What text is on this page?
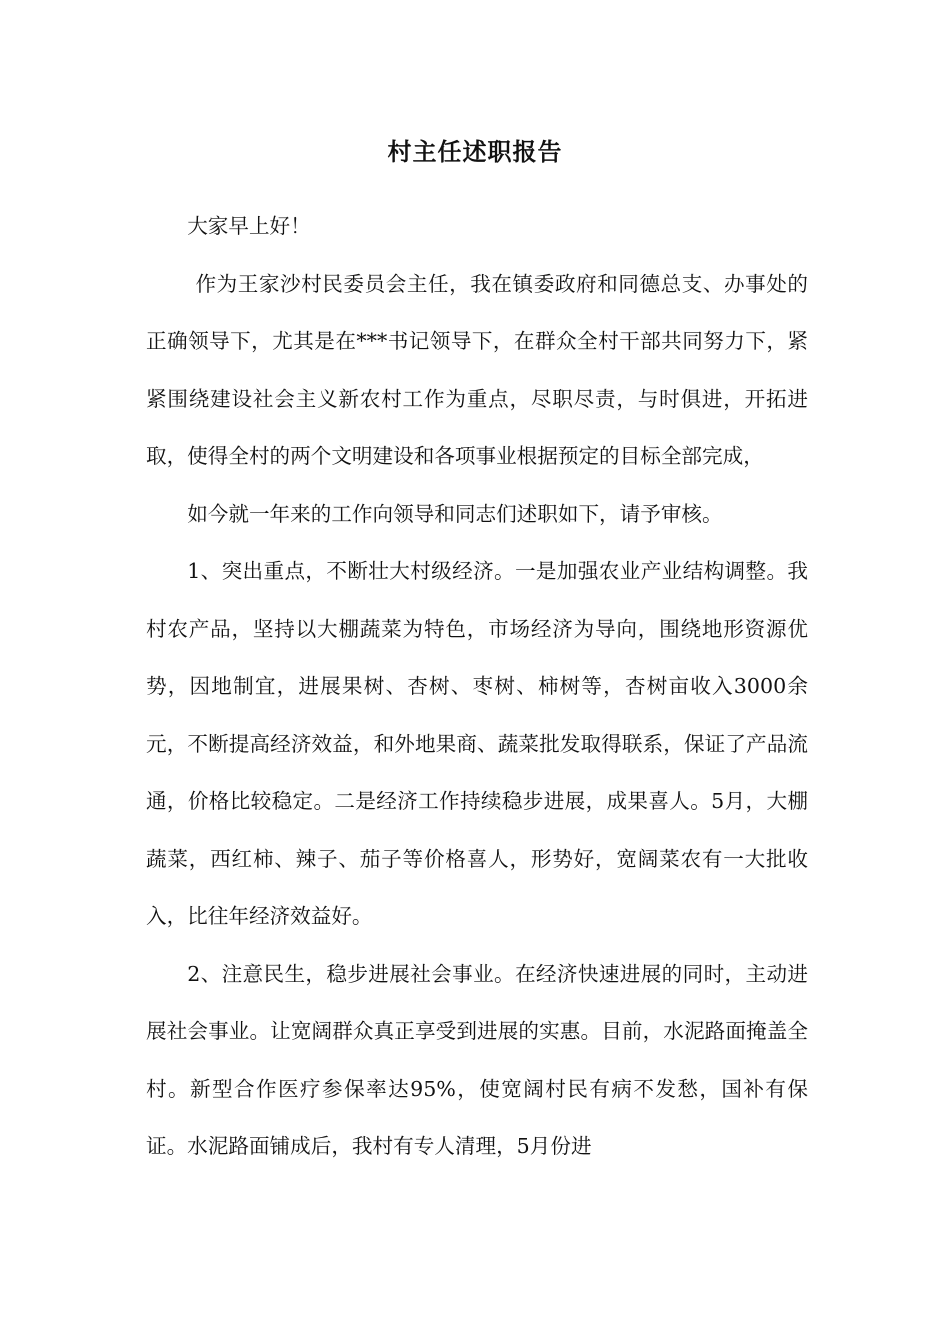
村主任述职报告

大家早上好！

作为王家沙村民委员会主任，我在镇委政府和同德总支、办事处的正确领导下，尤其是在***书记领导下，在群众全村干部共同努力下，紧紧围绕建设社会主义新农村工作为重点，尽职尽责，与时俱进，开拓进取，使得全村的两个文明建设和各项事业根据预定的目标全部完成，

如今就一年来的工作向领导和同志们述职如下，请予审核。

1、突出重点，不断壮大村级经济。一是加强农业产业结构调整。我村农产品，坚持以大棚蔬菜为特色，市场经济为导向，围绕地形资源优势，因地制宜，进展果树、杏树、枣树、柿树等，杏树亩收入3000余元，不断提高经济效益，和外地果商、蔬菜批发取得联系，保证了产品流通，价格比较稳定。二是经济工作持续稳步进展，成果喜人。5月，大棚蔬菜，西红柿、辣子、茄子等价格喜人，形势好，宽阔菜农有一大批收入，比往年经济效益好。

2、注意民生，稳步进展社会事业。在经济快速进展的同时，主动进展社会事业。让宽阔群众真正享受到进展的实惠。目前，水泥路面掩盖全村。新型合作医疗参保率达95%，使宽阔村民有病不发愁，国补有保证。水泥路面铺成后，我村有专人清理，5月份进
